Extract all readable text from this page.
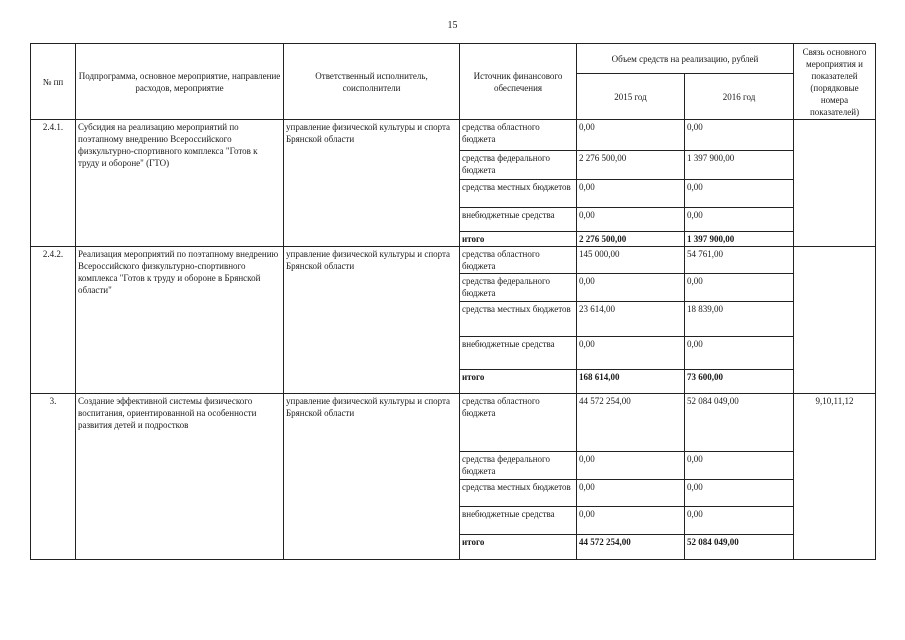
15
№ пп	Подпрограмма, основное мероприятие, направление расходов, мероприятие	Ответственный исполнитель, соисполнители	Источник финансового обеспечения	Объем средств на реализацию, рублей		Связь основного мероприятия и показателей (порядковые номера показателей)
				2015 год	2016 год	
2.4.1.	Субсидия на реализацию мероприятий по поэтапному внедрению Всероссийского физкультурно-спортивного комплекса "Готов к труду и обороне" (ГТО)	управление физической культуры и спорта Брянской области	средства областного бюджета	0,00	0,00	
			средства федерального бюджета	2 276 500,00	1 397 900,00	
			средства местных бюджетов	0,00	0,00	
			внебюджетные средства	0,00	0,00	
			итого	2 276 500,00	1 397 900,00	
2.4.2.	Реализация мероприятий по поэтапному внедрению Всероссийского физкультурно-спортивного комплекса "Готов к труду и обороне в Брянской области"	управление физической культуры и спорта Брянской области	средства областного бюджета	145 000,00	54 761,00	
			средства федерального бюджета	0,00	0,00	
			средства местных бюджетов	23 614,00	18 839,00	
			внебюджетные средства	0,00	0,00	
			итого	168 614,00	73 600,00	
3.	Создание эффективной системы физического воспитания, ориентированной на особенности развития детей и подростков	управление физической культуры и спорта Брянской области	средства областного бюджета	44 572 254,00	52 084 049,00	9,10,11,12
			средства федерального бюджета	0,00	0,00	
			средства местных бюджетов	0,00	0,00	
			внебюджетные средства	0,00	0,00	
			итого	44 572 254,00	52 084 049,00	
